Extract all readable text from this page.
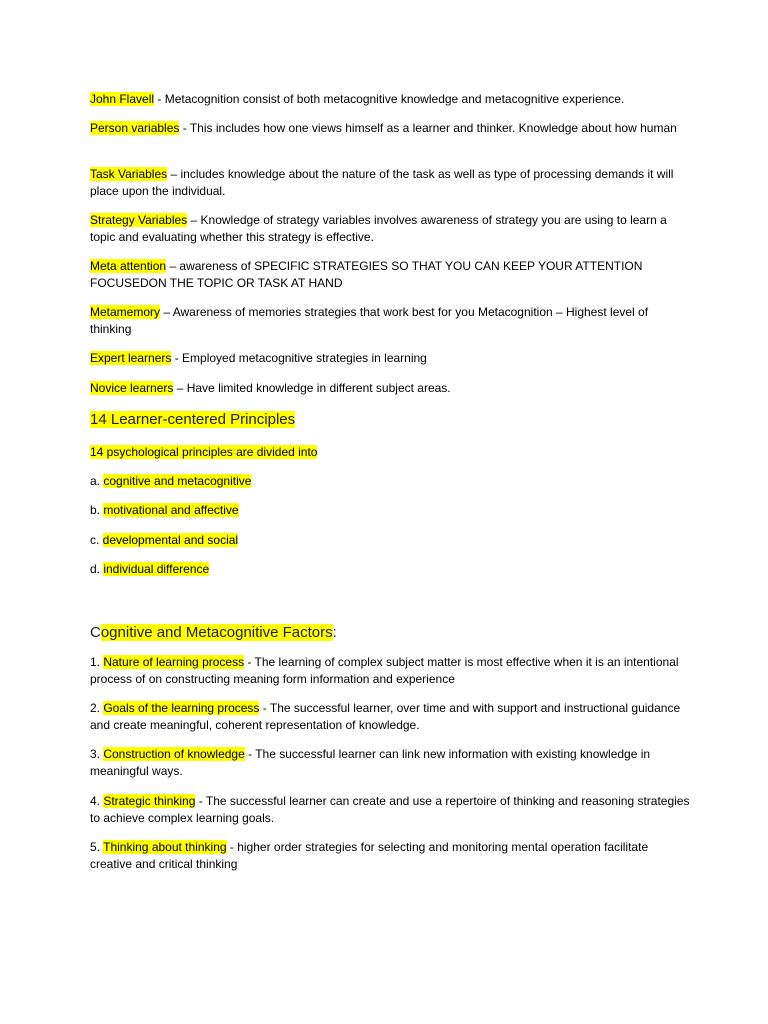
John Flavell - Metacognition consist of both metacognitive knowledge and metacognitive experience.

Person variables - This includes how one views himself as a learner and thinker. Knowledge about how human

Task Variables – includes knowledge about the nature of the task as well as type of processing demands it will place upon the individual.

Strategy Variables – Knowledge of strategy variables involves awareness of strategy you are using to learn a topic and evaluating whether this strategy is effective.

Meta attention – awareness of SPECIFIC STRATEGIES SO THAT YOU CAN KEEP YOUR ATTENTION FOCUSEDON THE TOPIC OR TASK AT HAND

Metamemory – Awareness of memories strategies that work best for you Metacognition – Highest level of thinking

Expert learners - Employed metacognitive strategies in learning

Novice learners – Have limited knowledge in different subject areas.

14 Learner-centered Principles

14 psychological principles are divided into

a. cognitive and metacognitive

b. motivational and affective

c. developmental and social

d. individual difference

Cognitive and Metacognitive Factors:

1. Nature of learning process - The learning of complex subject matter is most effective when it is an intentional process of on constructing meaning form information and experience

2. Goals of the learning process - The successful learner, over time and with support and instructional guidance and create meaningful, coherent representation of knowledge.

3. Construction of knowledge - The successful learner can link new information with existing knowledge in meaningful ways.

4. Strategic thinking - The successful learner can create and use a repertoire of thinking and reasoning strategies to achieve complex learning goals.

5. Thinking about thinking - higher order strategies for selecting and monitoring mental operation facilitate creative and critical thinking
